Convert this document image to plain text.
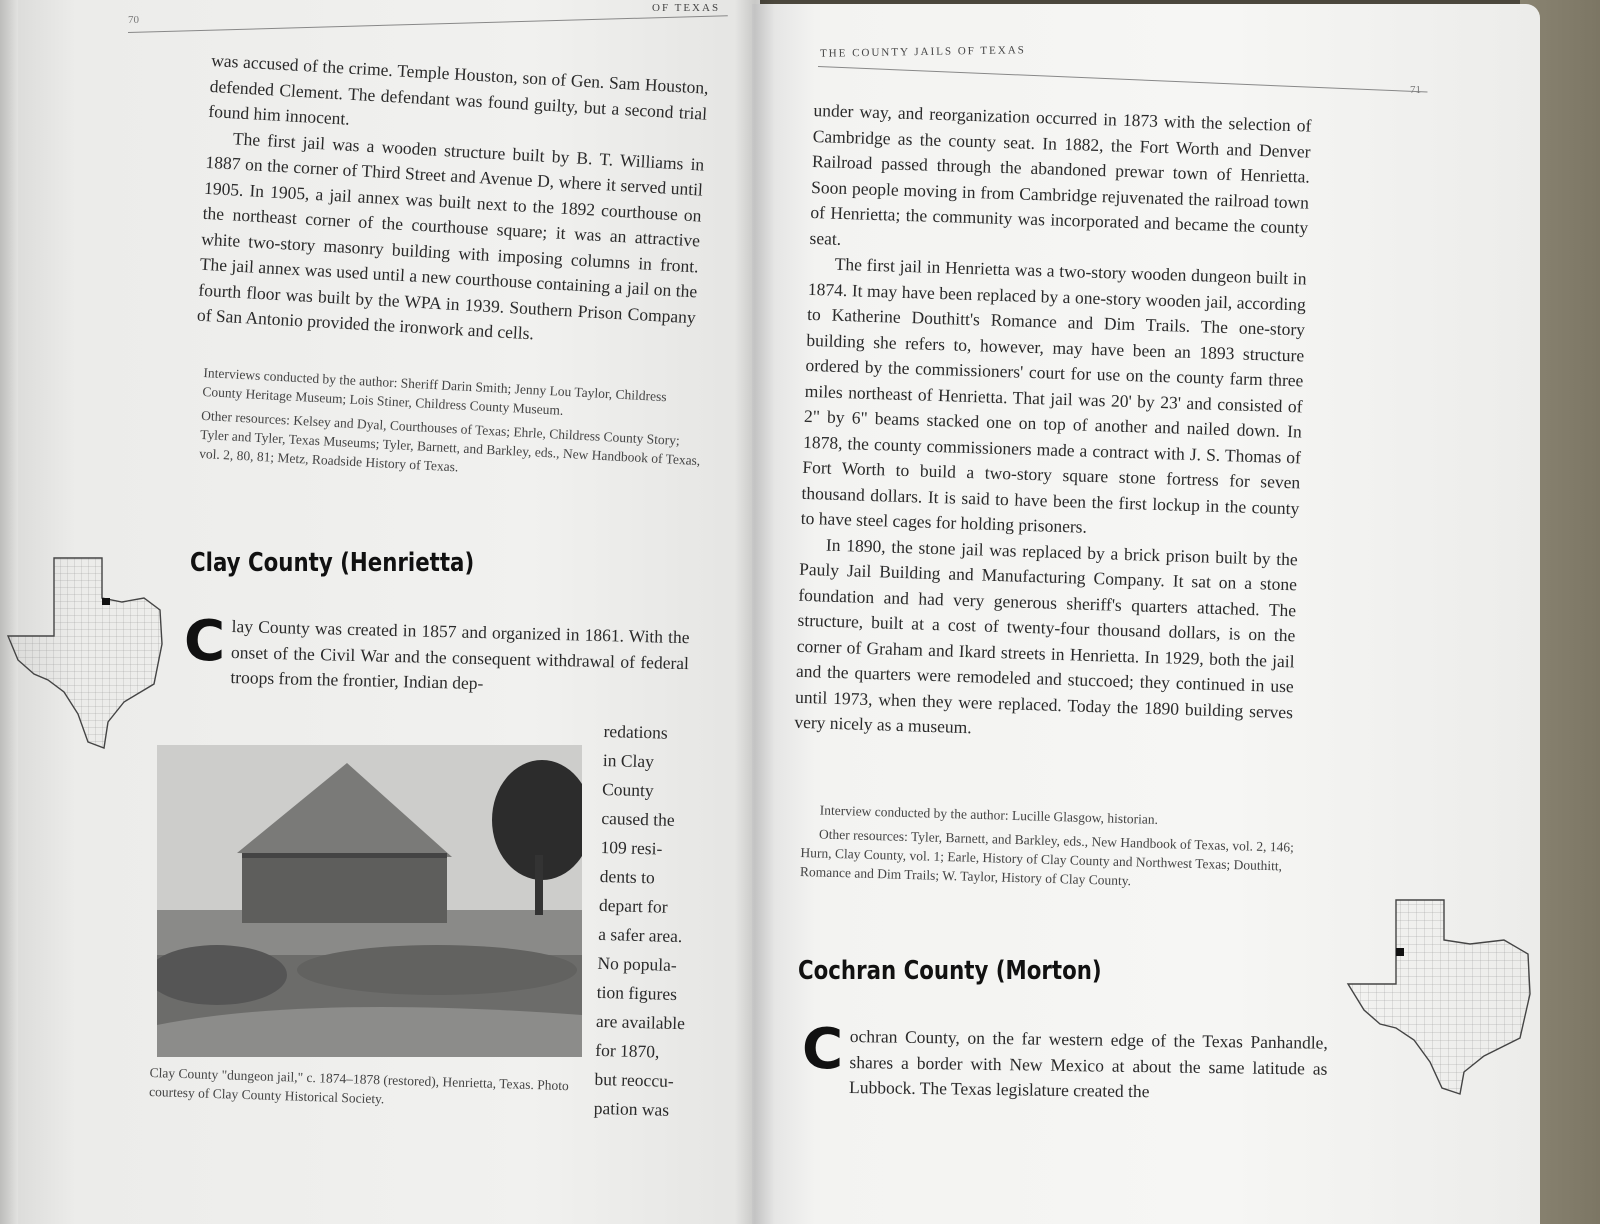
70
OF TEXAS

was accused of the crime. Temple Houston, son of Gen. Sam Houston, defended Clement. The defendant was found guilty, but a second trial found him innocent.

The first jail was a wooden structure built by B. T. Williams in 1887 on the corner of Third Street and Avenue D, where it served until 1905. In 1905, a jail annex was built next to the 1892 courthouse on the northeast corner of the courthouse square; it was an attractive white two-story masonry building with imposing columns in front. The jail annex was used until a new courthouse containing a jail on the fourth floor was built by the WPA in 1939. Southern Prison Company of San Antonio provided the ironwork and cells.

Interviews conducted by the author: Sheriff Darin Smith; Jenny Lou Taylor, Childress County Heritage Museum; Lois Stiner, Childress County Museum.

Other resources: Kelsey and Dyal, Courthouses of Texas; Ehrle, Childress County Story; Tyler and Tyler, Texas Museums; Tyler, Barnett, and Barkley, eds., New Handbook of Texas, vol. 2, 80, 81; Metz, Roadside History of Texas.

Clay County (Henrietta)
C lay County was created in 1857 and organized in 1861. With the onset of the Civil War and the consequent withdrawal of federal troops from the frontier, Indian dep-
Clay County "dungeon jail," c. 1874–1878 (restored), Henrietta, Texas. Photo courtesy of Clay County Historical Society.
redations
in Clay
County
caused the
109 resi-
dents to
depart for
a safer area.
No popula-
tion figures
are available
for 1870,
but reoccu-
pation was
THE COUNTY JAILS OF TEXAS
71

under way, and reorganization occurred in 1873 with the selection of Cambridge as the county seat. In 1882, the Fort Worth and Denver Railroad passed through the abandoned prewar town of Henrietta. Soon people moving in from Cambridge rejuvenated the railroad town of Henrietta; the community was incorporated and became the county seat.

The first jail in Henrietta was a two-story wooden dungeon built in 1874. It may have been replaced by a one-story wooden jail, according to Katherine Douthitt's Romance and Dim Trails. The one-story building she refers to, however, may have been an 1893 structure ordered by the commissioners' court for use on the county farm three miles northeast of Henrietta. That jail was 20' by 23' and consisted of 2" by 6" beams stacked one on top of another and nailed down. In 1878, the county commissioners made a contract with J. S. Thomas of Fort Worth to build a two-story square stone fortress for seven thousand dollars. It is said to have been the first lockup in the county to have steel cages for holding prisoners.

In 1890, the stone jail was replaced by a brick prison built by the Pauly Jail Building and Manufacturing Company. It sat on a stone foundation and had very generous sheriff's quarters attached. The structure, built at a cost of twenty-four thousand dollars, is on the corner of Graham and Ikard streets in Henrietta. In 1929, both the jail and the quarters were remodeled and stuccoed; they continued in use until 1973, when they were replaced. Today the 1890 building serves very nicely as a museum.

Interview conducted by the author: Lucille Glasgow, historian.

Other resources: Tyler, Barnett, and Barkley, eds., New Handbook of Texas, vol. 2, 146; Hurn, Clay County, vol. 1; Earle, History of Clay County and Northwest Texas; Douthitt, Romance and Dim Trails; W. Taylor, History of Clay County.

Cochran County (Morton)
C ochran County, on the far western edge of the Texas Panhandle, shares a border with New Mexico at about the same latitude as Lubbock. The Texas legislature created the
